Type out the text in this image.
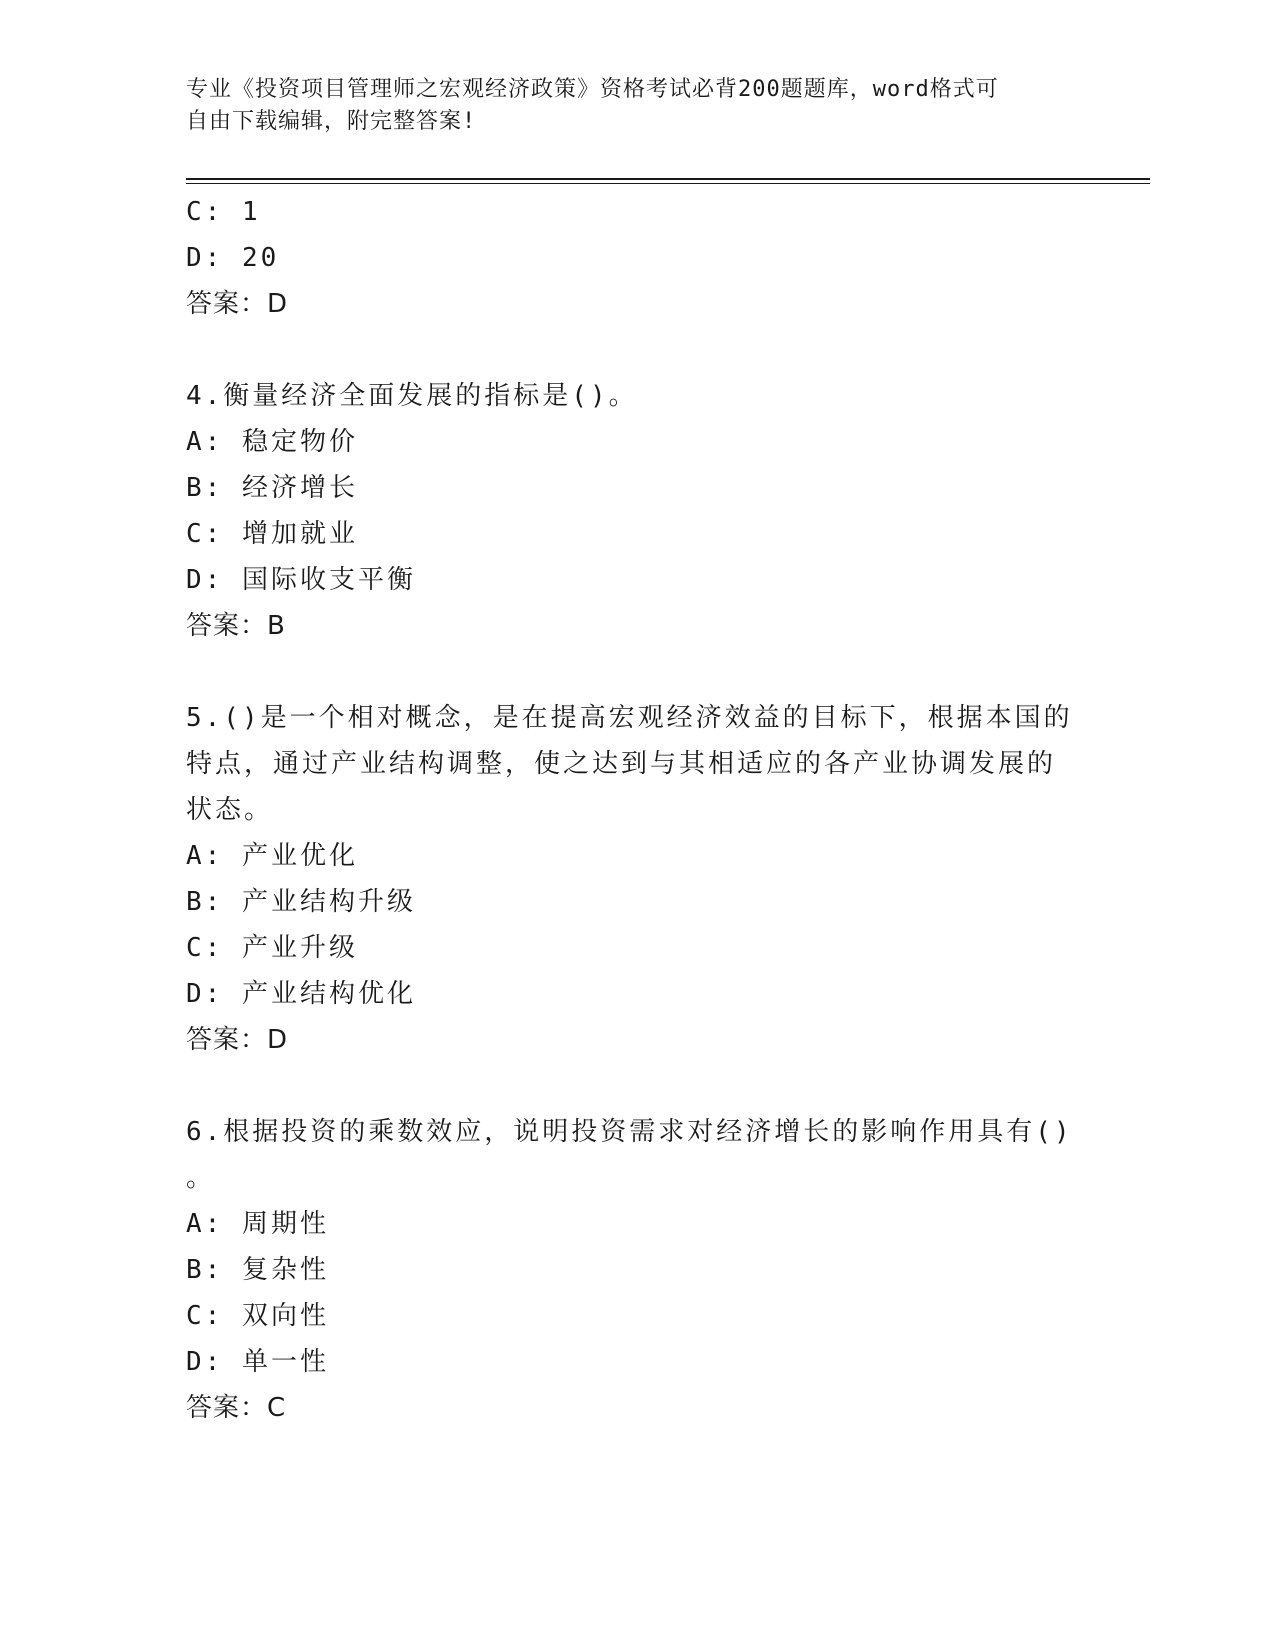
专业《投资项目管理师之宏观经济政策》资格考试必背200题题库，word格式可
自由下载编辑，附完整答案!
C: 1
D: 20
答案：D
4.衡量经济全面发展的指标是()。
A: 稳定物价
B: 经济增长
C: 增加就业
D: 国际收支平衡
答案：B
5.()是一个相对概念，是在提高宏观经济效益的目标下，根据本国的
特点，通过产业结构调整，使之达到与其相适应的各产业协调发展的
状态。
A: 产业优化
B: 产业结构升级
C: 产业升级
D: 产业结构优化
答案：D
6.根据投资的乘数效应，说明投资需求对经济增长的影响作用具有()
。
A: 周期性
B: 复杂性
C: 双向性
D: 单一性
答案：C
